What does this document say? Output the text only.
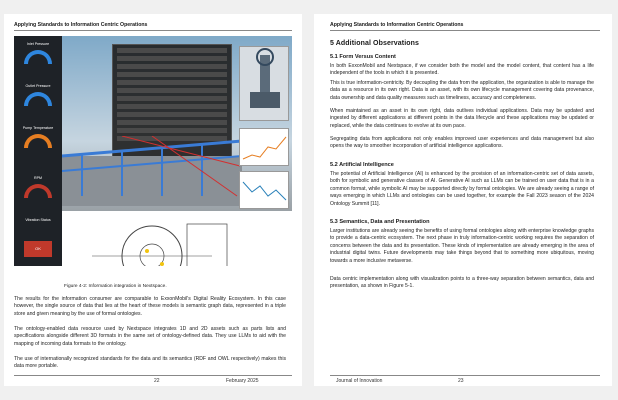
Applying Standards to Information Centric Operations
Inlet Pressure
Outlet Pressure
Pump Temperature
RPM
Vibration Status
OK
Figure 4-2: Information integration in Nextspace.
The results for the information consumer are comparable to ExxonMobil's Digital Reality Ecosystem. In this case however, the single source of data that lies at the heart of these models is semantic graph data, represented in a triple store and given meaning by the use of formal ontologies.
The ontology-enabled data resource used by Nextspace integrates 1D and 2D assets such as parts lists and specifications alongside different 3D formats in the same set of ontology-defined data. They use LLMs to aid with the mapping of incoming data formats to the ontology.
The use of internationally recognized standards for the data and its semantics (RDF and OWL respectively) makes this data more portable.
22	February 2025
Applying Standards to Information Centric Operations
5 Additional Observations
5.1 Form Versus Content
In both ExxonMobil and Nextspace, if we consider both the model and the model content, that content has a life independent of the tools in which it is presented.
This is true information-centricity. By decoupling the data from the application, the organization is able to manage the data as a resource in its own right. Data is an asset, with its own lifecycle management covering data provenance, data ownership and data quality measures such as timeliness, accuracy and completeness.
When maintained as an asset in its own right, data outlives individual applications. Data may be updated and ingested by different applications at different points in the data lifecycle and these applications may be updated or replaced, while the data continues to evolve at its own pace.
Segregating data from applications not only enables improved user experiences and data management but also opens the way to smoother incorporation of artificial intelligence applications.
5.2 Artificial Intelligence
The potential of Artificial Intelligence (AI) is enhanced by the provision of an information-centric set of data assets, both for symbolic and generative classes of AI. Generative AI such as LLMs can be trained on user data that is in a common format, while symbolic AI may be supported directly by formal ontologies. We are already seeing a range of ways emerging in which LLMs and ontologies can be used together, for example the Fall 2023 season of the 2024 Ontology Summit [11].
5.3 Semantics, Data and Presentation
Larger institutions are already seeing the benefits of using formal ontologies along with enterprise knowledge graphs to provide a data-centric ecosystem. The next phase in truly information-centric working requires the separation of concerns between the data and its presentation. These kinds of implementation are already emerging in the area of industrial digital twins. Future developments may take things beyond that to something more ubiquitous, moving towards a more inclusive metaverse.
Data centric implementation along with visualization points to a three-way separation between semantics, data and presentation, as shown in Figure 5-1.
Journal of Innovation	23
